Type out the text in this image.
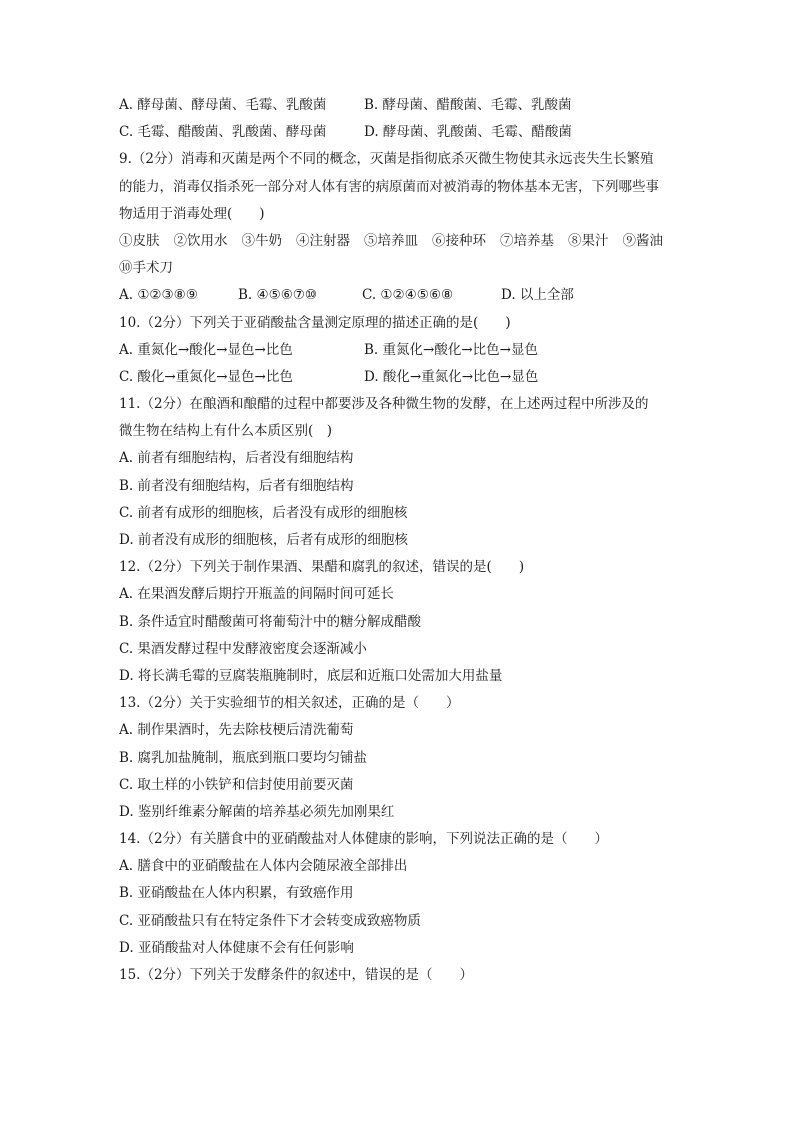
A. 酵母菌、酵母菌、毛霉、乳酸菌	B. 酵母菌、醋酸菌、毛霉、乳酸菌
C. 毛霉、醋酸菌、乳酸菌、酵母菌	D. 酵母菌、乳酸菌、毛霉、醋酸菌
9.（2分）消毒和灭菌是两个不同的概念，灭菌是指彻底杀灭微生物使其永远丧失生长繁殖
的能力，消毒仅指杀死一部分对人体有害的病原菌而对被消毒的物体基本无害，下列哪些事
物适用于消毒处理(　　)
①皮肤 ②饮用水 ③牛奶 ④注射器 ⑤培养皿 ⑥接种环 ⑦培养基 ⑧果汁 ⑨酱油
⑩手术刀
A. ①②③⑧⑨	B. ④⑤⑥⑦⑩	C. ①②④⑤⑥⑧	D. 以上全部
10.（2分）下列关于亚硝酸盐含量测定原理的描述正确的是(　　)
A. 重氮化→酸化→显色→比色	B. 重氮化→酸化→比色→显色
C. 酸化→重氮化→显色→比色	D. 酸化→重氮化→比色→显色
11.（2分）在酿酒和酿醋的过程中都要涉及各种微生物的发酵，在上述两过程中所涉及的
微生物在结构上有什么本质区别(　)
A. 前者有细胞结构，后者没有细胞结构
B. 前者没有细胞结构，后者有细胞结构
C. 前者有成形的细胞核，后者没有成形的细胞核
D. 前者没有成形的细胞核，后者有成形的细胞核
12.（2分）下列关于制作果酒、果醋和腐乳的叙述，错误的是(　　)
A. 在果酒发酵后期拧开瓶盖的间隔时间可延长
B. 条件适宜时醋酸菌可将葡萄汁中的糖分解成醋酸
C. 果酒发酵过程中发酵液密度会逐渐减小
D. 将长满毛霉的豆腐装瓶腌制时，底层和近瓶口处需加大用盐量
13.（2分）关于实验细节的相关叙述，正确的是（　　）
A. 制作果酒时，先去除枝梗后清洗葡萄
B. 腐乳加盐腌制，瓶底到瓶口要均匀铺盐
C. 取土样的小铁铲和信封使用前要灭菌
D. 鉴别纤维素分解菌的培养基必须先加刚果红
14.（2分）有关膳食中的亚硝酸盐对人体健康的影响，下列说法正确的是（　　）
A. 膳食中的亚硝酸盐在人体内会随尿液全部排出
B. 亚硝酸盐在人体内积累，有致癌作用
C. 亚硝酸盐只有在特定条件下才会转变成致癌物质
D. 亚硝酸盐对人体健康不会有任何影响
15.（2分）下列关于发酵条件的叙述中，错误的是（　　）
